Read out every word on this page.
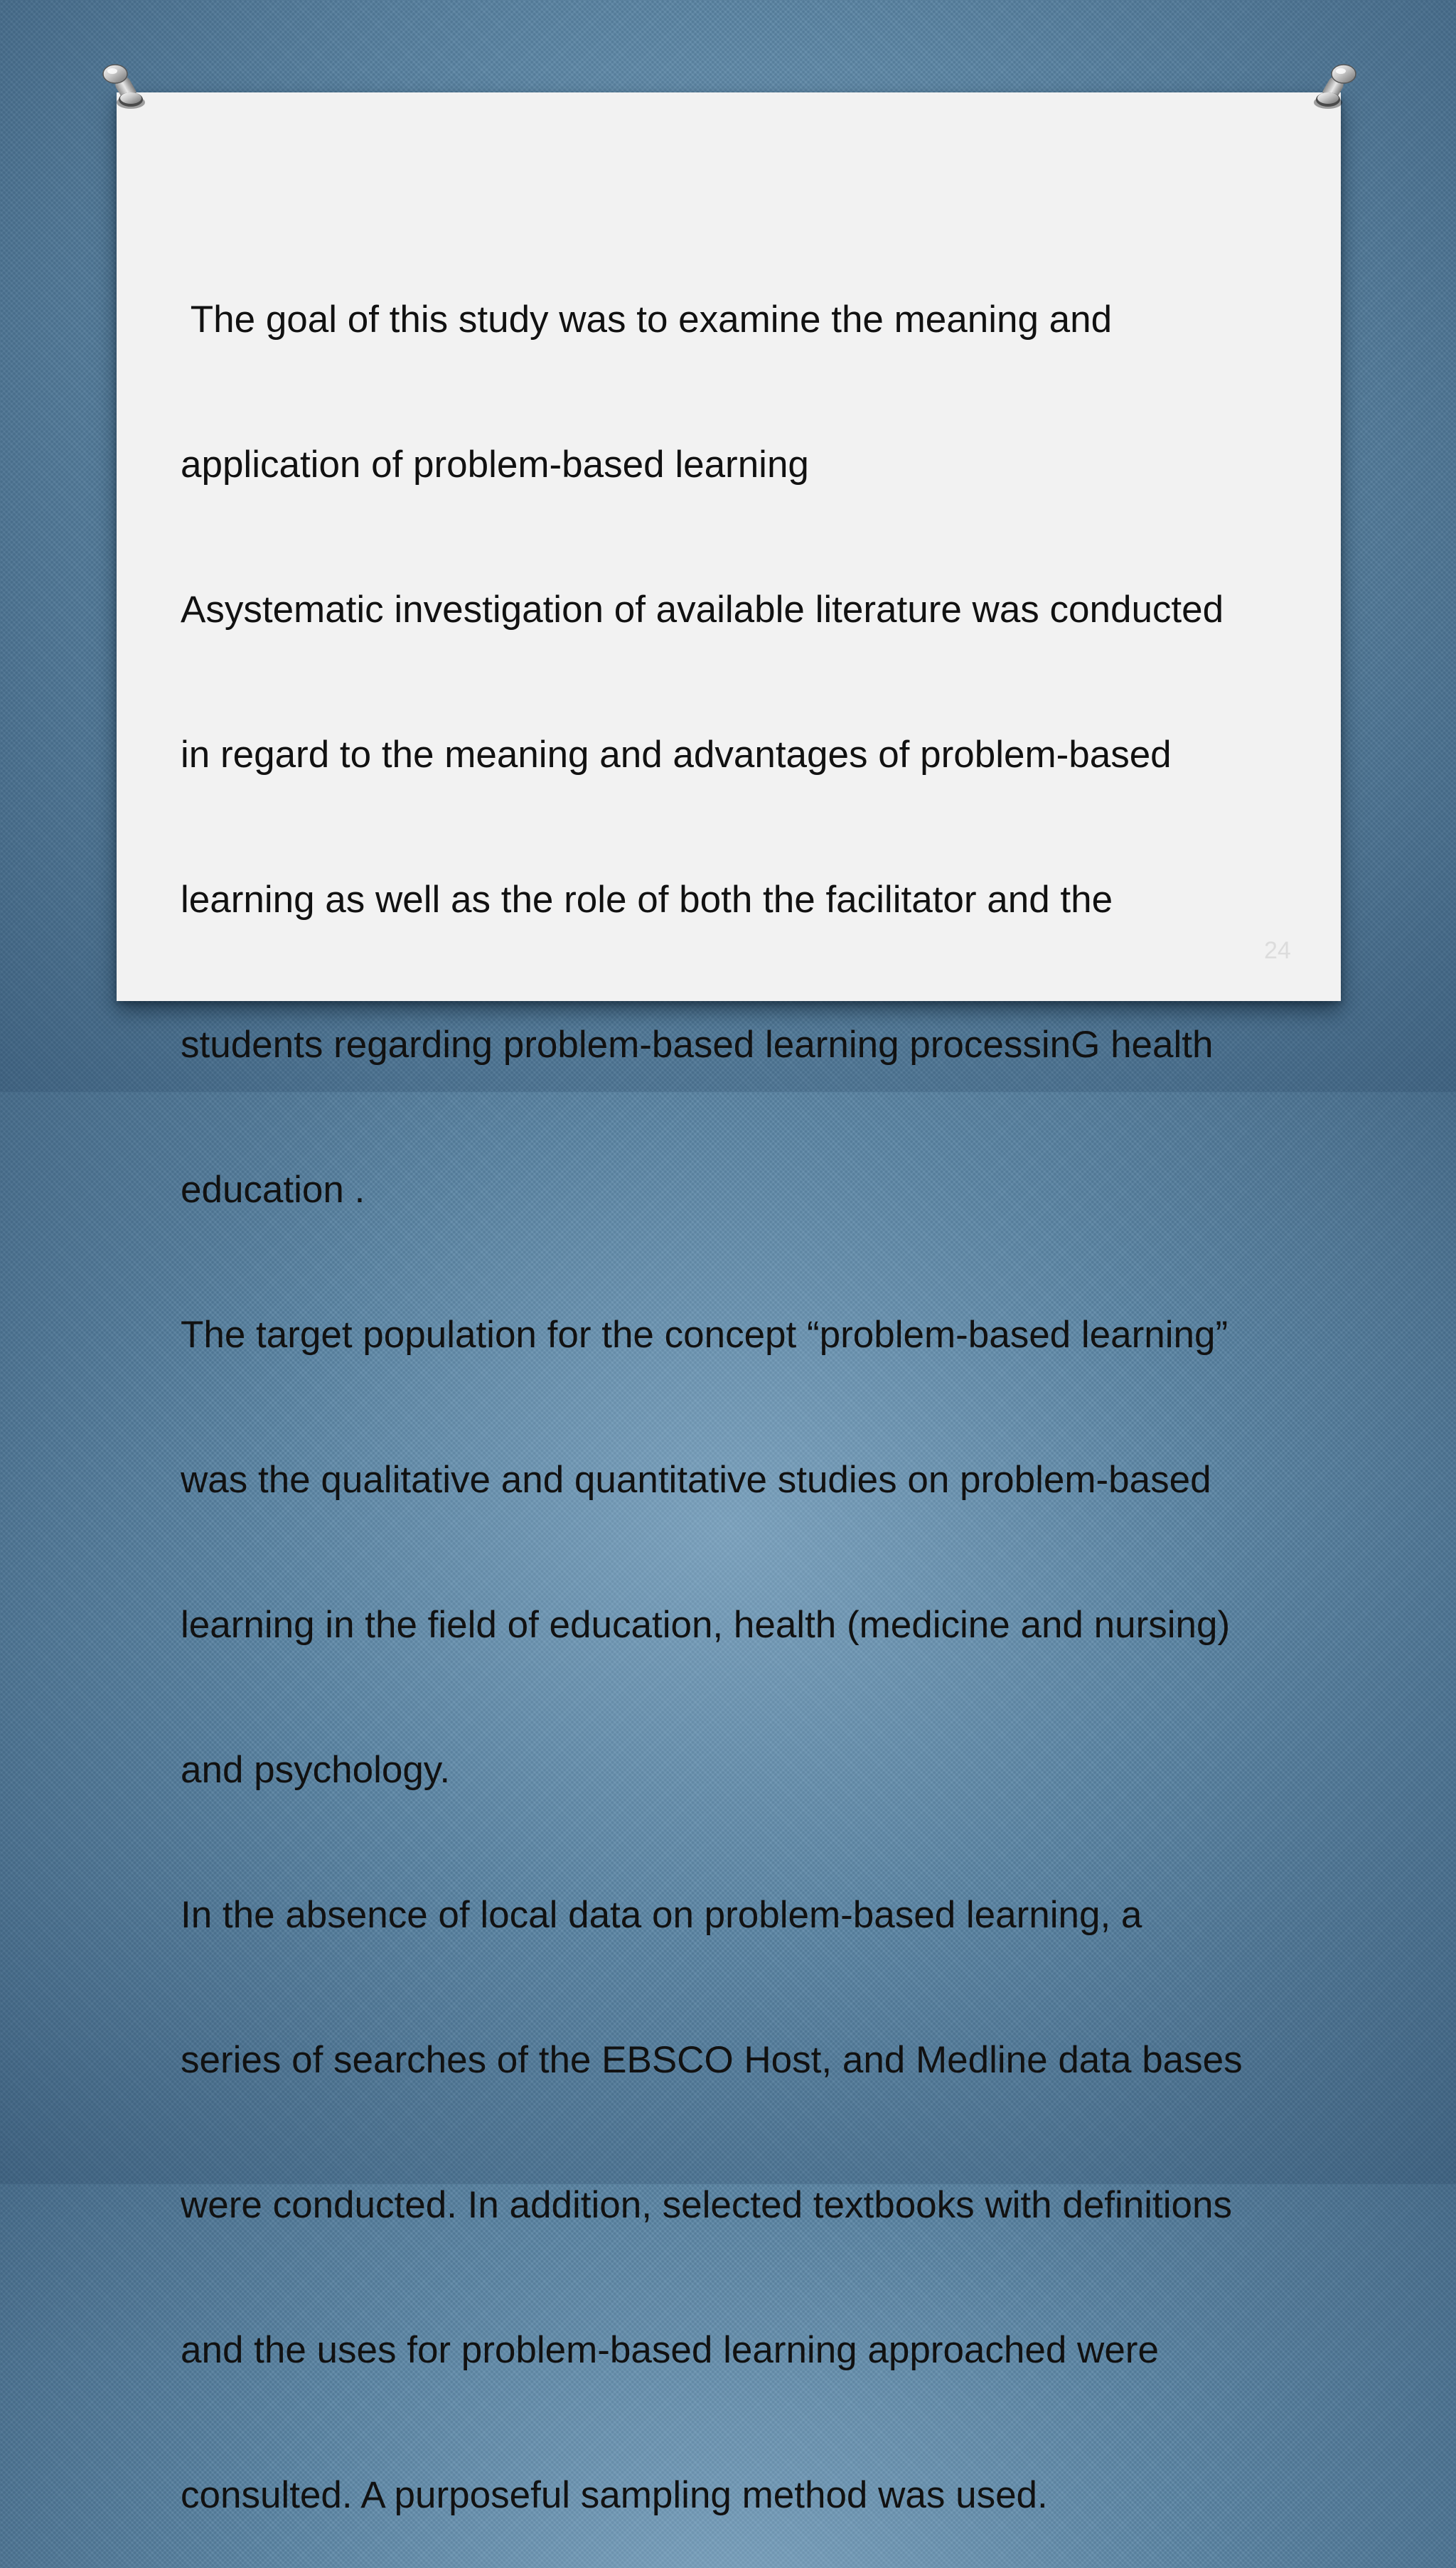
The goal of this study was to examine the meaning and

application of problem-based learning

Asystematic investigation of available literature was conducted

in regard to the meaning and advantages of problem-based

learning as well as the role of both the facilitator and the

students regarding problem-based learning processinG health

education .

The target population for the concept “problem-based learning”

was the qualitative and quantitative studies on problem-based

learning in the field of education, health (medicine and nursing)

and psychology.

In the absence of local data on problem-based learning, a

series of searches of the EBSCO Host, and Medline data bases

were conducted. In addition, selected textbooks with definitions

and the uses for problem-based learning approached were

consulted. A purposeful sampling method was used.

24
